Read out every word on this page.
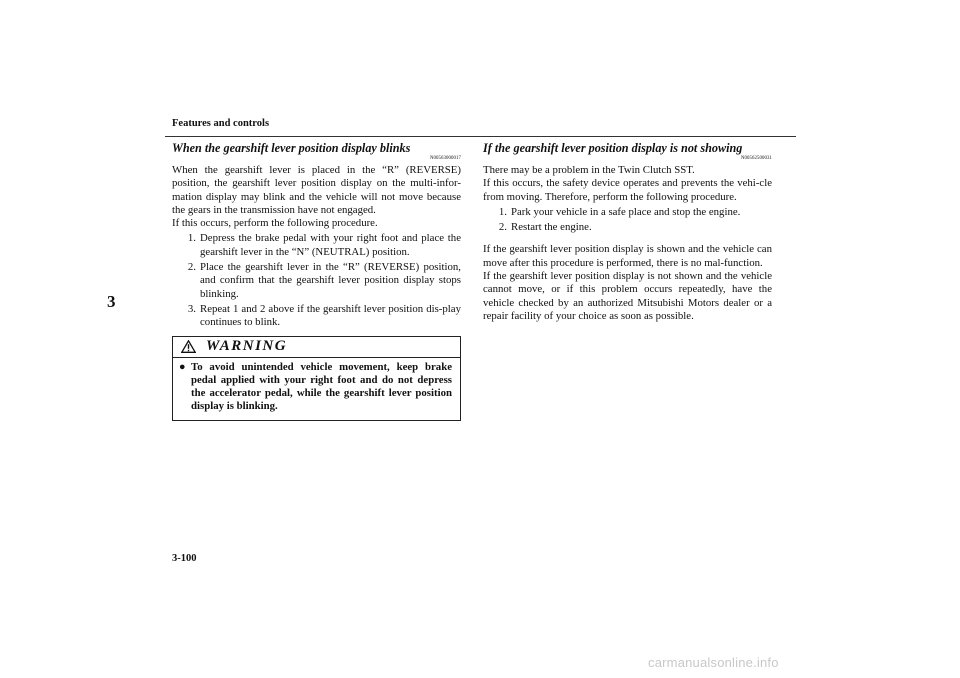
Features and controls
3
When the gearshift lever position display blinks
N00563000017
When the gearshift lever is placed in the “R” (REVERSE) position, the gearshift lever position display on the multi-infor-mation display may blink and the vehicle will not move because the gears in the transmission have not engaged.
If this occurs, perform the following procedure.
1. Depress the brake pedal with your right foot and place the gearshift lever in the “N” (NEUTRAL) position.
2. Place the gearshift lever in the “R” (REVERSE) position, and confirm that the gearshift lever position display stops blinking.
3. Repeat 1 and 2 above if the gearshift lever position dis-play continues to blink.
WARNING
● To avoid unintended vehicle movement, keep brake pedal applied with your right foot and do not depress the accelerator pedal, while the gearshift lever position display is blinking.
If the gearshift lever position display is not showing
N00562500031
There may be a problem in the Twin Clutch SST.
If this occurs, the safety device operates and prevents the vehi-cle from moving. Therefore, perform the following procedure.
1. Park your vehicle in a safe place and stop the engine.
2. Restart the engine.
If the gearshift lever position display is shown and the vehicle can move after this procedure is performed, there is no mal-function.
If the gearshift lever position display is not shown and the vehicle cannot move, or if this problem occurs repeatedly, have the vehicle checked by an authorized Mitsubishi Motors dealer or a repair facility of your choice as soon as possible.
3-100
carmanualsonline.info
